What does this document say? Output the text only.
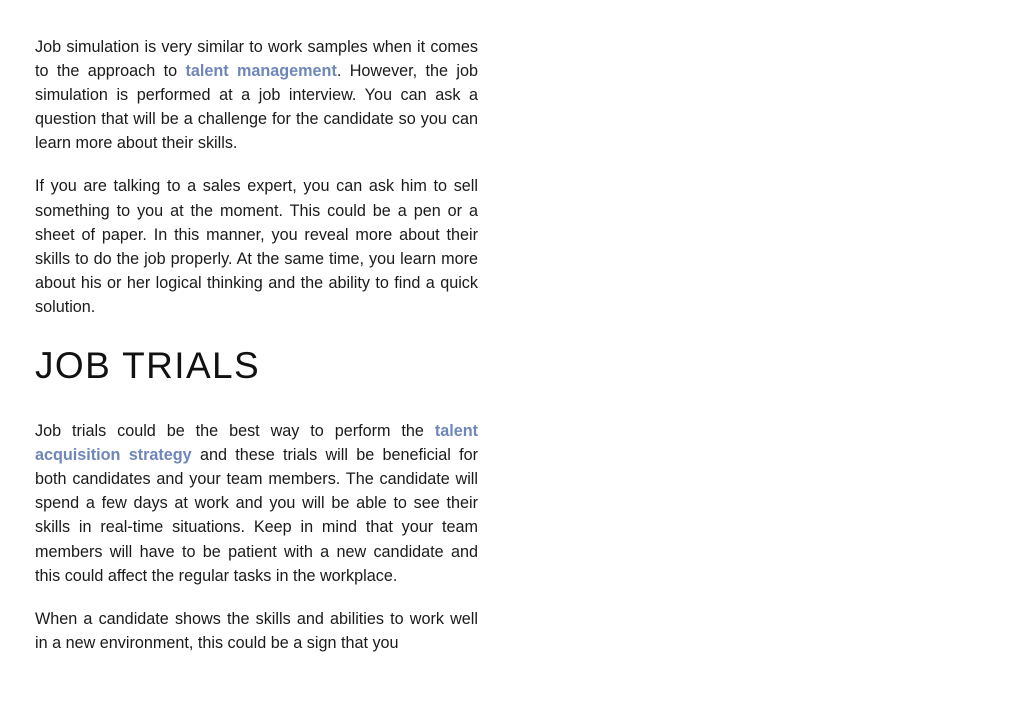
Job simulation is very similar to work samples when it comes to the approach to talent management. However, the job simulation is performed at a job interview. You can ask a question that will be a challenge for the candidate so you can learn more about their skills.

If you are talking to a sales expert, you can ask him to sell something to you at the moment. This could be a pen or a sheet of paper. In this manner, you reveal more about their skills to do the job properly. At the same time, you learn more about his or her logical thinking and the ability to find a quick solution.

JOB TRIALS

Job trials could be the best way to perform the talent acquisition strategy and these trials will be beneficial for both candidates and your team members. The candidate will spend a few days at work and you will be able to see their skills in real-time situations. Keep in mind that your team members will have to be patient with a new candidate and this could affect the regular tasks in the workplace.

When a candidate shows the skills and abilities to work well in a new environment, this could be a sign that you
